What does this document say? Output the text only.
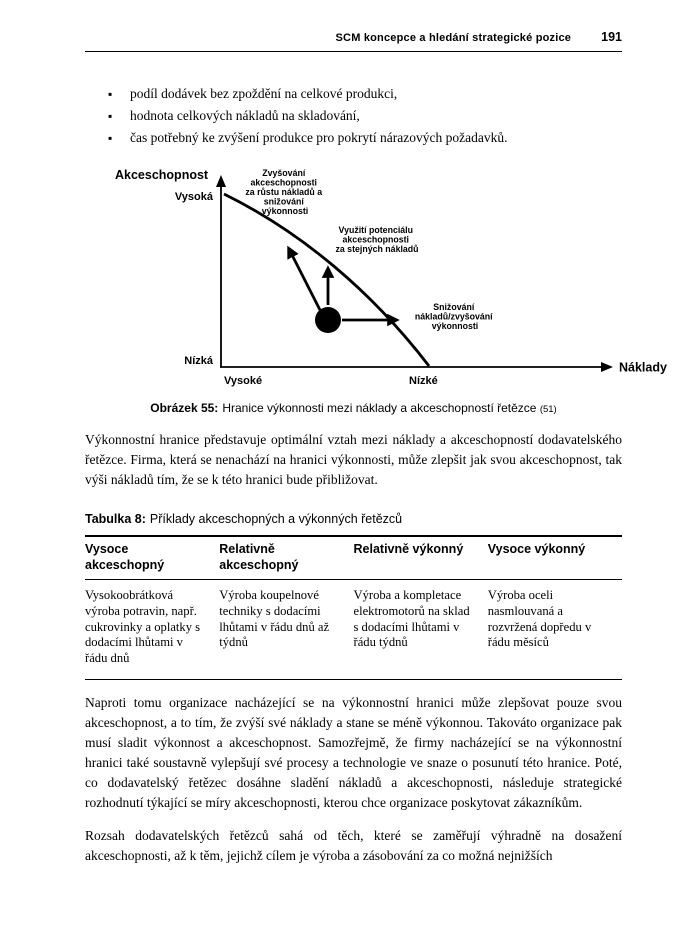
SCM koncepce a hledání strategické pozice 191
▪ podíl dodávek bez zpoždění na celkové produkci,
▪ hodnota celkových nákladů na skladování,
▪ čas potřebný ke zvýšení produkce pro pokrytí nárazových požadavků.
Akceschopnost
Náklady
Vysoká
Nízká
Vysoké	Nízké
Zvyšování akceschopnosti za růstu nákladů a snižování výkonnosti
Využití potenciálu akceschopnosti za stejných nákladů
Snižování nákladů/zvyšování výkonnosti
Obrázek 55: Hranice výkonnosti mezi náklady a akceschopností řetězce (51)

Výkonnostní hranice představuje optimální vztah mezi náklady a akceschopností dodavatelského řetězce. Firma, která se nenachází na hranici výkonnosti, může zlepšit jak svou akceschopnost, tak výši nákladů tím, že se k této hranici bude přibližovat.

Tabulka 8: Příklady akceschopných a výkonných řetězců

Vysoce akceschopný	Relativně akceschopný	Relativně výkonný	Vysoce výkonný
Vysokoobrátková výroba potravin, např. cukrovinky a oplatky s dodacími lhůtami v řádu dnů	Výroba koupelnové techniky s dodacími lhůtami v řádu dnů až týdnů	Výroba a kompletace elektromotorů na sklad s dodacími lhůtami v řádu týdnů	Výroba oceli nasmlouvaná a rozvržená dopředu v řádu měsíců

Naproti tomu organizace nacházející se na výkonnostní hranici může zlepšovat pouze svou akceschopnost, a to tím, že zvýší své náklady a stane se méně výkonnou. Takováto organizace pak musí sladit výkonnost a akceschopnost. Samozřejmě, že firmy nacházející se na výkonnostní hranici také soustavně vylepšují své procesy a technologie ve snaze o posunutí této hranice. Poté, co dodavatelský řetězec dosáhne sladění nákladů a akceschopnosti, následuje strategické rozhodnutí týkající se míry akceschopnosti, kterou chce organizace poskytovat zákazníkům.

Rozsah dodavatelských řetězců sahá od těch, které se zaměřují výhradně na dosažení akceschopnosti, až k těm, jejichž cílem je výroba a zásobování za co možná nejnižších
